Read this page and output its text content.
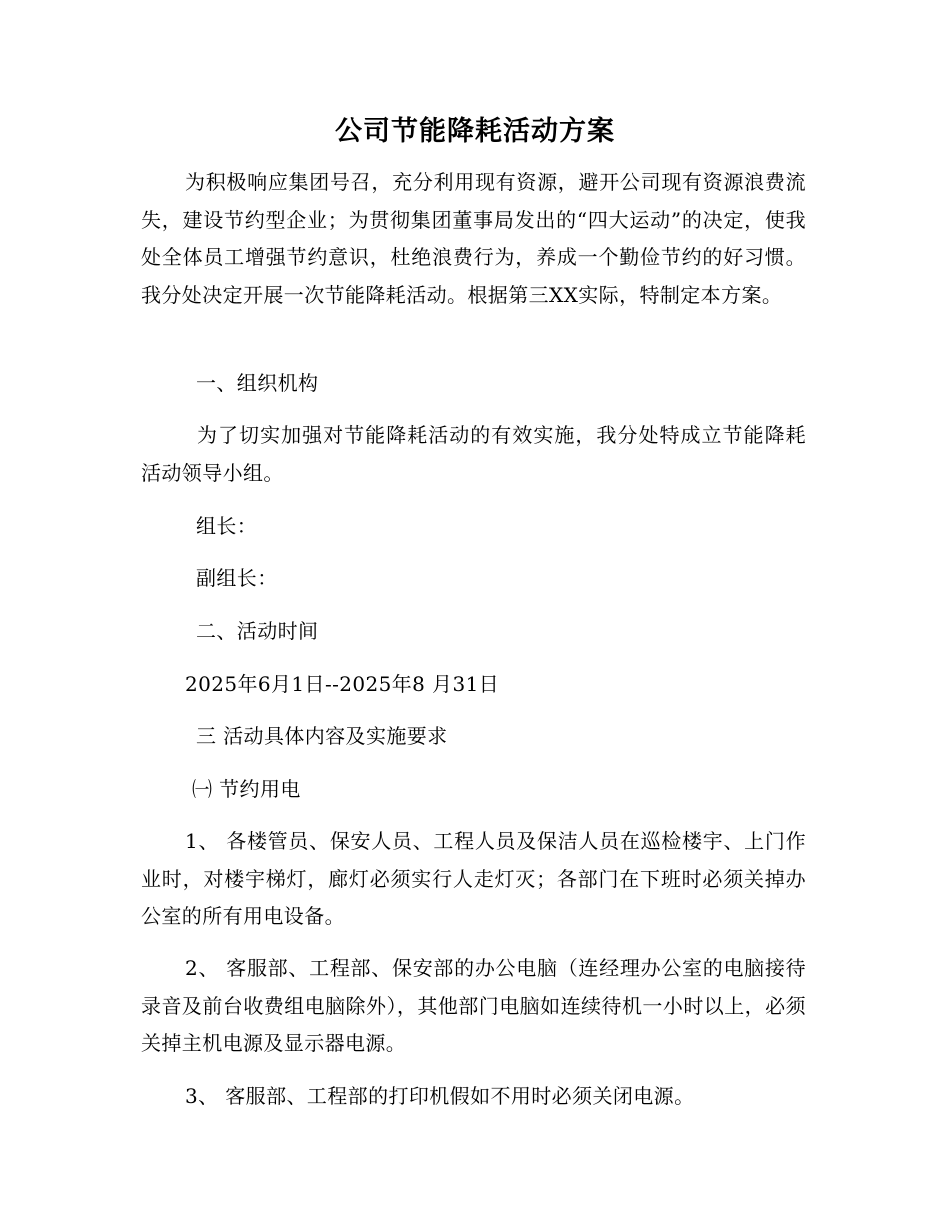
公司节能降耗活动方案
为积极响应集团号召，充分利用现有资源，避开公司现有资源浪费流失，建设节约型企业；为贯彻集团董事局发出的“四大运动”的决定，使我处全体员工增强节约意识，杜绝浪费行为，养成一个勤俭节约的好习惯。我分处决定开展一次节能降耗活动。根据第三XX实际，特制定本方案。
一、组织机构
为了切实加强对节能降耗活动的有效实施，我分处特成立节能降耗活动领导小组。
组长：
副组长：
二、活动时间
2025年6月1日--2025年8 月31日
三 活动具体内容及实施要求
㈠ 节约用电
1、 各楼管员、保安人员、工程人员及保洁人员在巡检楼宇、上门作业时，对楼宇梯灯，廊灯必须实行人走灯灭；各部门在下班时必须关掉办公室的所有用电设备。
2、 客服部、工程部、保安部的办公电脑（连经理办公室的电脑接待录音及前台收费组电脑除外），其他部门电脑如连续待机一小时以上，必须关掉主机电源及显示器电源。
3、 客服部、工程部的打印机假如不用时必须关闭电源。
